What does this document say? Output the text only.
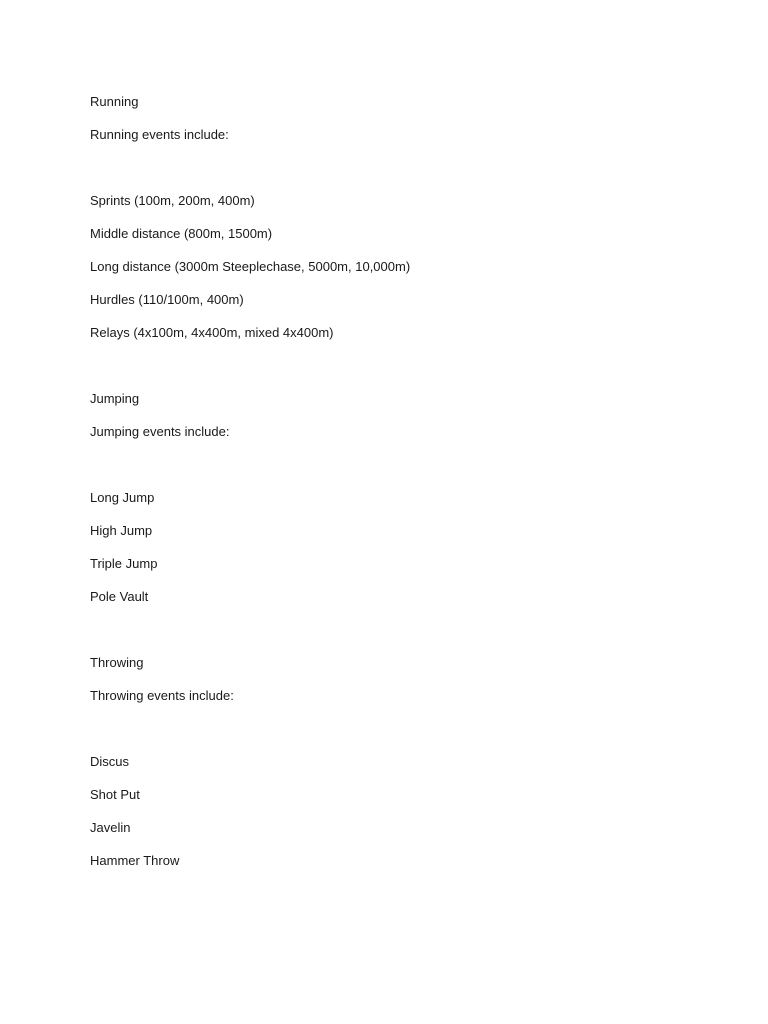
Running
Running events include:
Sprints (100m, 200m, 400m)
Middle distance (800m, 1500m)
Long distance (3000m Steeplechase, 5000m, 10,000m)
Hurdles (110/100m, 400m)
Relays (4x100m, 4x400m, mixed 4x400m)
Jumping
Jumping events include:
Long Jump
High Jump
Triple Jump
Pole Vault
Throwing
Throwing events include:
Discus
Shot Put
Javelin
Hammer Throw
